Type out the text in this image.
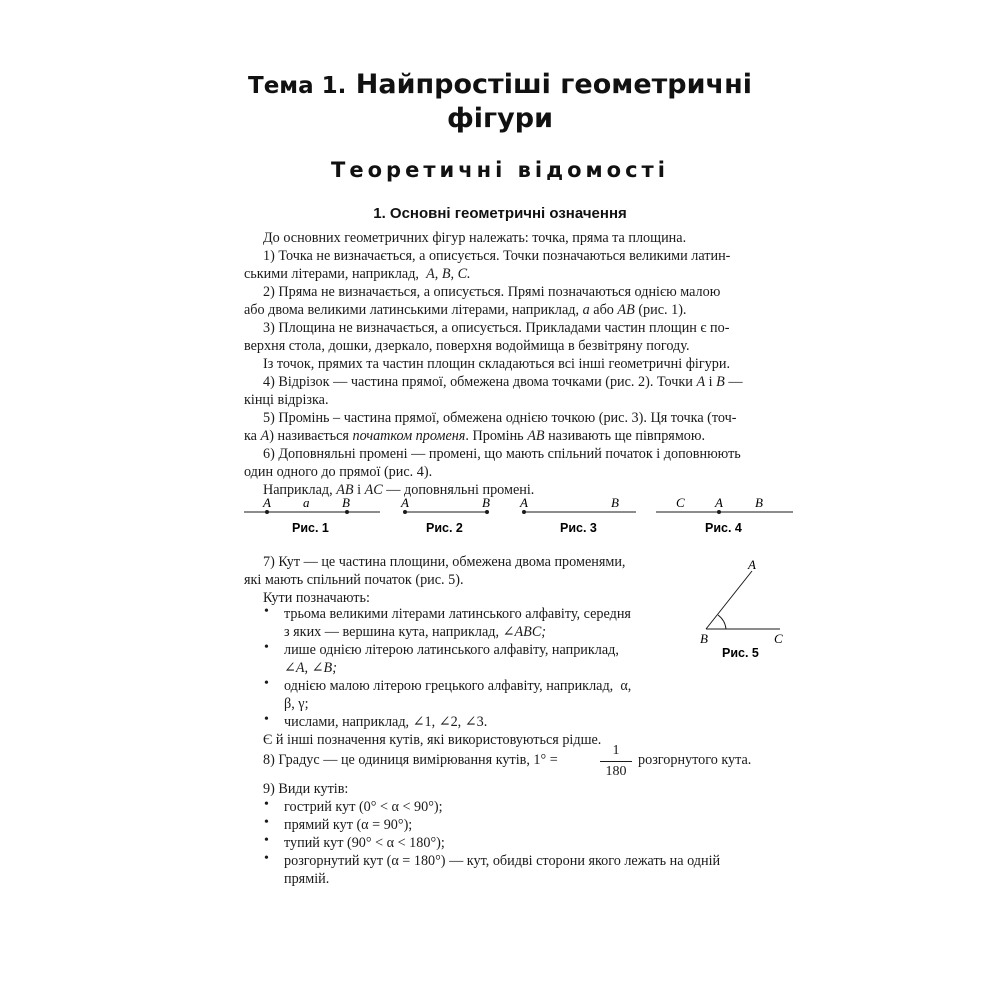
Тема 1. Найпростіші геометричні
фігури
Теоретичні відомості
1. Основні геометричні означення
До основних геометричних фігур належать: точка, пряма та площина.
1) Точка не визначається, а описується. Точки позначаються великими латин-
ськими літерами, наприклад, A, B, C.
2) Пряма не визначається, а описується. Прямі позначаються однією малою
або двома великими латинськими літерами, наприклад, a або AB (рис. 1).
3) Площина не визначається, а описується. Прикладами частин площин є по-
верхня стола, дошки, дзеркало, поверхня водоймища в безвітряну погоду.
Із точок, прямих та частин площин складаються всі інші геометричні фігури.
4) Відрізок — частина прямої, обмежена двома точками (рис. 2). Точки A і B —
кінці відрізка.
5) Промінь – частина прямої, обмежена однією точкою (рис. 3). Ця точка (точ-
ка A) називається початком променя. Промінь AB називають ще півпрямою.
6) Доповняльні промені — промені, що мають спільний початок і доповнюють
один одного до прямої (рис. 4).
Наприклад, AB і AC — доповняльні промені.
A a	B
Рис. 1
A	B
Рис. 2
A	B
Рис. 3
C A B
Рис. 4
7) Кут — це частина площини, обмежена двома променями,
які мають спільний початок (рис. 5).
Кути позначають:
• трьома великими літерами латинського алфавіту, середня
з яких — вершина кута, наприклад, ∠ABC;
• лише однією літерою латинського алфавіту, наприклад,
∠A, ∠B;
• однією малою літерою грецького алфавіту, наприклад, α,
β, γ;
• числами, наприклад, ∠1, ∠2, ∠3.
Є й інші позначення кутів, які використовуються рідше.
A
B	C
Рис. 5
8) Градус — це одиниця вимірювання кутів, 1° =
1
180
розгорнутого кута.
9) Види кутів:
• гострий кут (0° < α < 90°);
• прямий кут (α = 90°);
• тупий кут (90° < α < 180°);
• розгорнутий кут (α = 180°) — кут, обидві сторони якого лежать на одній
прямій.
